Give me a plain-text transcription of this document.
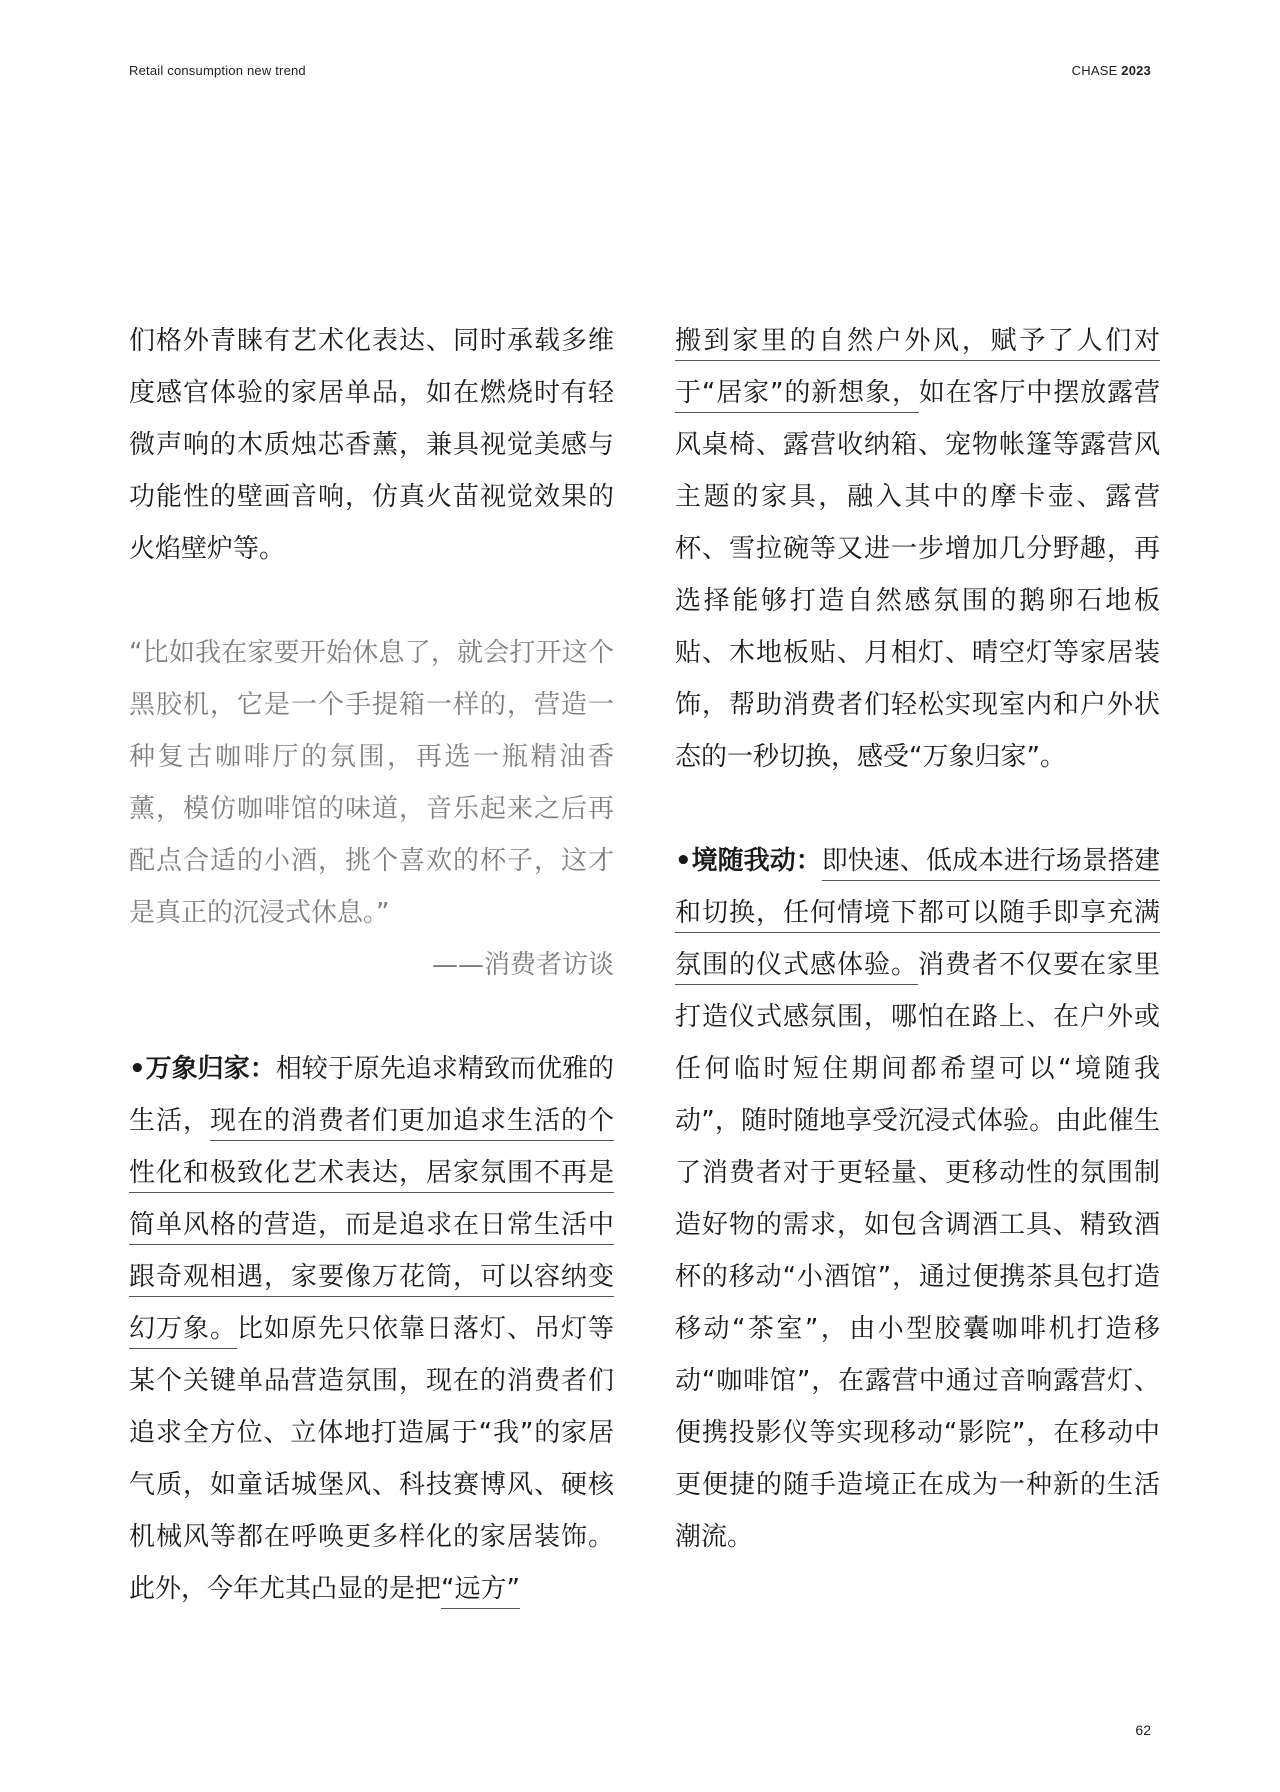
Retail consumption new trend	CHASE 2023

们格外青睐有艺术化表达、同时承载多维度感官体验的家居单品，如在燃烧时有轻微声响的木质烛芯香薰，兼具视觉美感与功能性的壁画音响，仿真火苗视觉效果的火焰壁炉等。

“比如我在家要开始休息了，就会打开这个黑胶机，它是一个手提箱一样的，营造一种复古咖啡厅的氛围，再选一瓶精油香薰，模仿咖啡馆的味道，音乐起来之后再配点合适的小酒，挑个喜欢的杯子，这才是真正的沉浸式休息。”

——消费者访谈

•万象归家：相较于原先追求精致而优雅的生活，现在的消费者们更加追求生活的个性化和极致化艺术表达，居家氛围不再是简单风格的营造，而是追求在日常生活中跟奇观相遇，家要像万花筒，可以容纳变幻万象。比如原先只依靠日落灯、吊灯等某个关键单品营造氛围，现在的消费者们追求全方位、立体地打造属于“我”的家居气质，如童话城堡风、科技赛博风、硬核机械风等都在呼唤更多样化的家居装饰。此外，今年尤其凸显的是把“远方”

搬到家里的自然户外风，赋予了人们对于“居家”的新想象，如在客厅中摆放露营风桌椅、露营收纳箱、宠物帐篷等露营风主题的家具，融入其中的摩卡壶、露营杯、雪拉碗等又进一步增加几分野趣，再选择能够打造自然感氛围的鹅卵石地板贴、木地板贴、月相灯、晴空灯等家居装饰，帮助消费者们轻松实现室内和户外状态的一秒切换，感受“万象归家”。

•境随我动：即快速、低成本进行场景搭建和切换，任何情境下都可以随手即享充满氛围的仪式感体验。消费者不仅要在家里打造仪式感氛围，哪怕在路上、在户外或任何临时短住期间都希望可以“境随我动”，随时随地享受沉浸式体验。由此催生了消费者对于更轻量、更移动性的氛围制造好物的需求，如包含调酒工具、精致酒杯的移动“小酒馆”，通过便携茶具包打造移动“茶室”，由小型胶囊咖啡机打造移动“咖啡馆”，在露营中通过音响露营灯、便携投影仪等实现移动“影院”，在移动中更便捷的随手造境正在成为一种新的生活潮流。

62
